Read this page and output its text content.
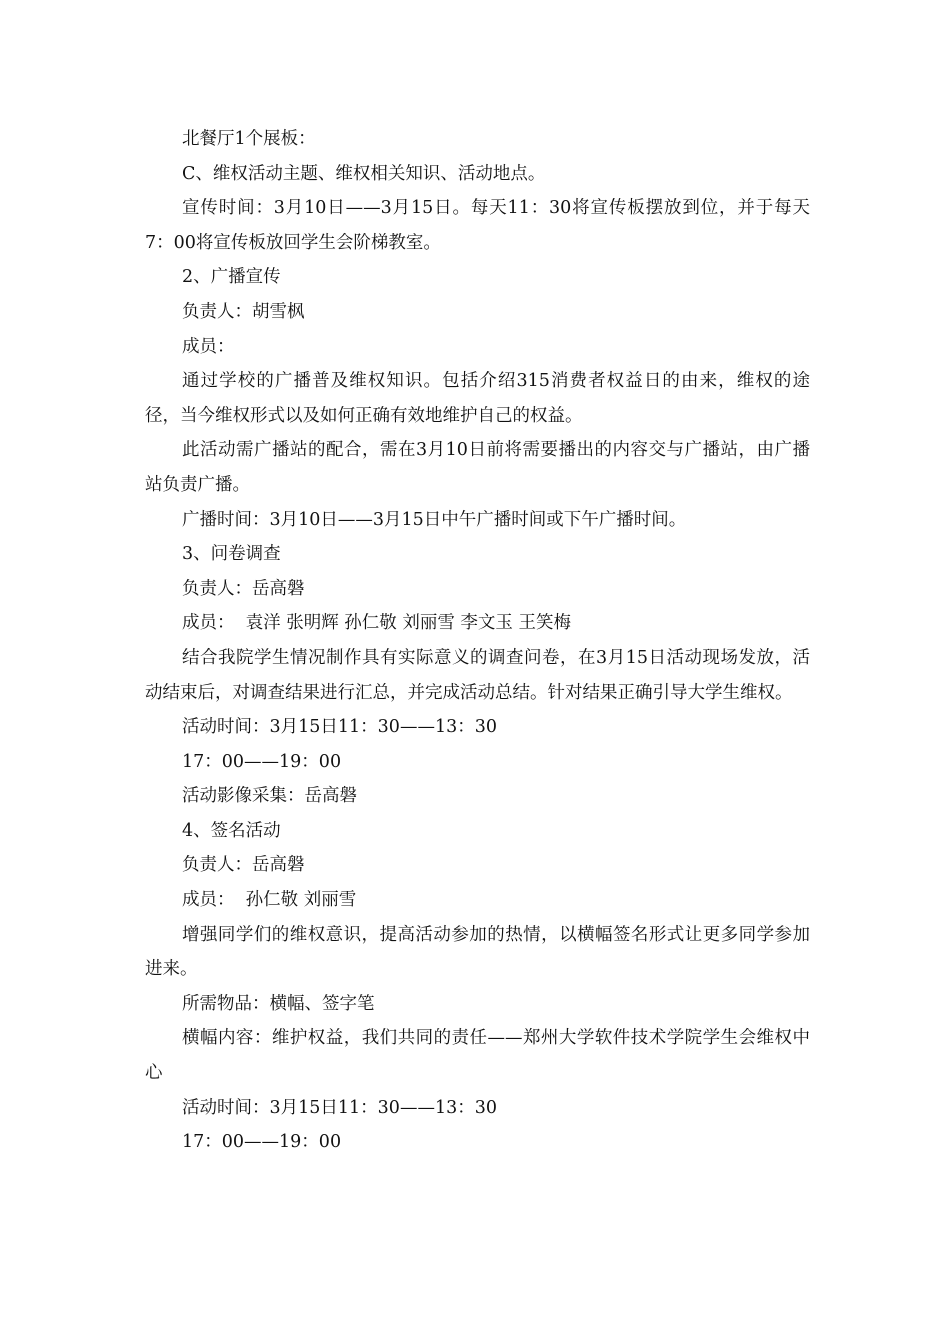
北餐厅1个展板：

C、维权活动主题、维权相关知识、活动地点。

宣传时间：3月10日——3月15日。每天11：30将宣传板摆放到位，并于每天7：00将宣传板放回学生会阶梯教室。

2、广播宣传

负责人：胡雪枫

成员：

通过学校的广播普及维权知识。包括介绍315消费者权益日的由来，维权的途径，当今维权形式以及如何正确有效地维护自己的权益。

此活动需广播站的配合，需在3月10日前将需要播出的内容交与广播站，由广播站负责广播。

广播时间：3月10日——3月15日中午广播时间或下午广播时间。

3、问卷调查

负责人：岳高磐

成员：  袁洋 张明辉 孙仁敬 刘丽雪 李文玉 王笑梅

结合我院学生情况制作具有实际意义的调查问卷，在3月15日活动现场发放，活动结束后，对调查结果进行汇总，并完成活动总结。针对结果正确引导大学生维权。

活动时间：3月15日11：30——13：30

17：00——19：00

活动影像采集：岳高磐

4、签名活动

负责人：岳高磐

成员：  孙仁敬 刘丽雪

增强同学们的维权意识，提高活动参加的热情，以横幅签名形式让更多同学参加进来。

所需物品：横幅、签字笔

横幅内容：维护权益，我们共同的责任——郑州大学软件技术学院学生会维权中心

活动时间：3月15日11：30——13：30

17：00——19：00
